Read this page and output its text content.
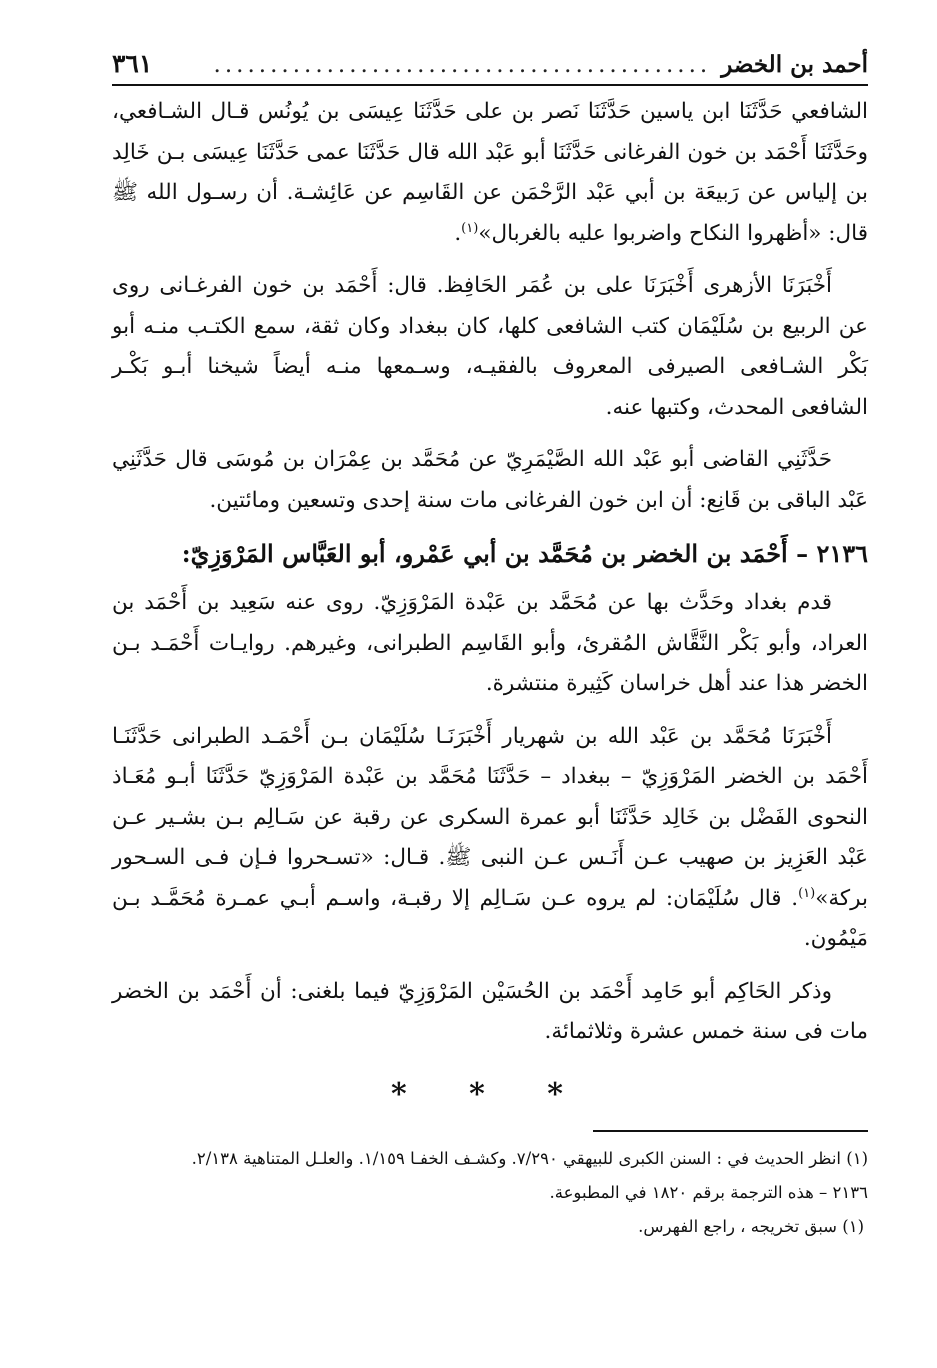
أحمد بن الخضر
............................................
٣٦١

الشافعي حَدَّثَنَا ابن ياسين حَدَّثَنَا نَصر بن على حَدَّثَنَا عِيسَى بن يُونُس قـال الشـافعي، وحَدَّثَنَا أَحْمَد بن خون الفرغانى حَدَّثَنَا أبو عَبْد الله قال حَدَّثَنَا عمى حَدَّثَنَا عِيسَى بـن خَالِد بن إلياس عن رَبيعَة بن أبي عَبْد الرَّحْمَن عن القَاسِم عن عَائِشـة. أن رسـول الله ﷺ قال: «أظهروا النكاح واضربوا عليه بالغربال»$^{(١)}$.

أَخْبَرَنَا الأزهرى أَخْبَرَنَا على بن عُمَر الحَافِظ. قال: أَحْمَد بن خون الفرغـانى روى عن الربيع بن سُلَيْمَان كتب الشافعى كلها، كان ببغداد وكان ثقة، سمع الكتـب منـه أبو بَكْر الشـافعى الصيرفى المعروف بالفقيـه، وسـمعها منـه أيضاً شيخنا أبـو بَكْـر الشافعى المحدث، وكتبها عنه.

حَدَّثَنِي القاضى أبو عَبْد الله الصَّيْمَرِيّ عن مُحَمَّد بن عِمْرَان بن مُوسَى قال حَدَّثَنِي عَبْد الباقى بن قَانِع: أن ابن خون الفرغانى مات سنة إحدى وتسعين ومائتين.

٢١٣٦ – أَحْمَد بن الخضر بن مُحَمَّد بن أبي عَمْرو، أبو العَبَّاس المَرْوَزِيّ:

قدم بغداد وحَدَّث بها عن مُحَمَّد بن عَبْدة المَرْوَزِيّ. روى عنه سَعِيد بن أَحْمَد بن العراد، وأبو بَكْر النَّقَّاش المُقرئ، وأبو القَاسِم الطبرانى، وغيرهم. روايـات أَحْمَـد بـن الخضر هذا عند أهل خراسان كَثِيرة منتشرة.

أَخْبَرَنَا مُحَمَّد بن عَبْد الله بن شهريار أَخْبَرَنَـا سُلَيْمَان بـن أَحْمَـد الطبرانى حَدَّثَنَـا أَحْمَد بن الخضر المَرْوَزِيّ – ببغداد – حَدَّثَنَا مُحَمَّد بن عَبْدة المَرْوَزِيّ حَدَّثَنَا أبـو مُعَـاذ النحوى الفَضْل بن خَالِد حَدَّثَنَا أبو عمرة السكرى عن رقبة عن سَـالِم بـن بشـير عـن عَبْد العَزِيز بن صهيب عـن أَنَـس عـن النبى ﷺ. قـال: «تسـحروا فـإن فـى السـحور بركة»$^{(١)}$. قال سُلَيْمَان: لم يروه عـن سَـالِم إلا رقبـة، واسـم أبـي عمـرة مُحَمَّـد بـن مَيْمُون.

وذكر الحَاكِم أبو حَامِد أَحْمَد بن الحُسَيْن المَرْوَزِيّ فيما بلغنى: أن أَحْمَد بن الخضر مات فى سنة خمس عشرة وثلاثمائة.

* * *

(١) انظر الحديث في : السنن الكبرى للبيهقي ٧/٢٩٠. وكشـف الخفـا ١/١٥٩. والعلـل المتناهية ٢/١٣٨.

٢١٣٦ – هذه الترجمة برقم ١٨٢٠ في المطبوعة.

(١) سبق تخريجه ، راجع الفهرس.
